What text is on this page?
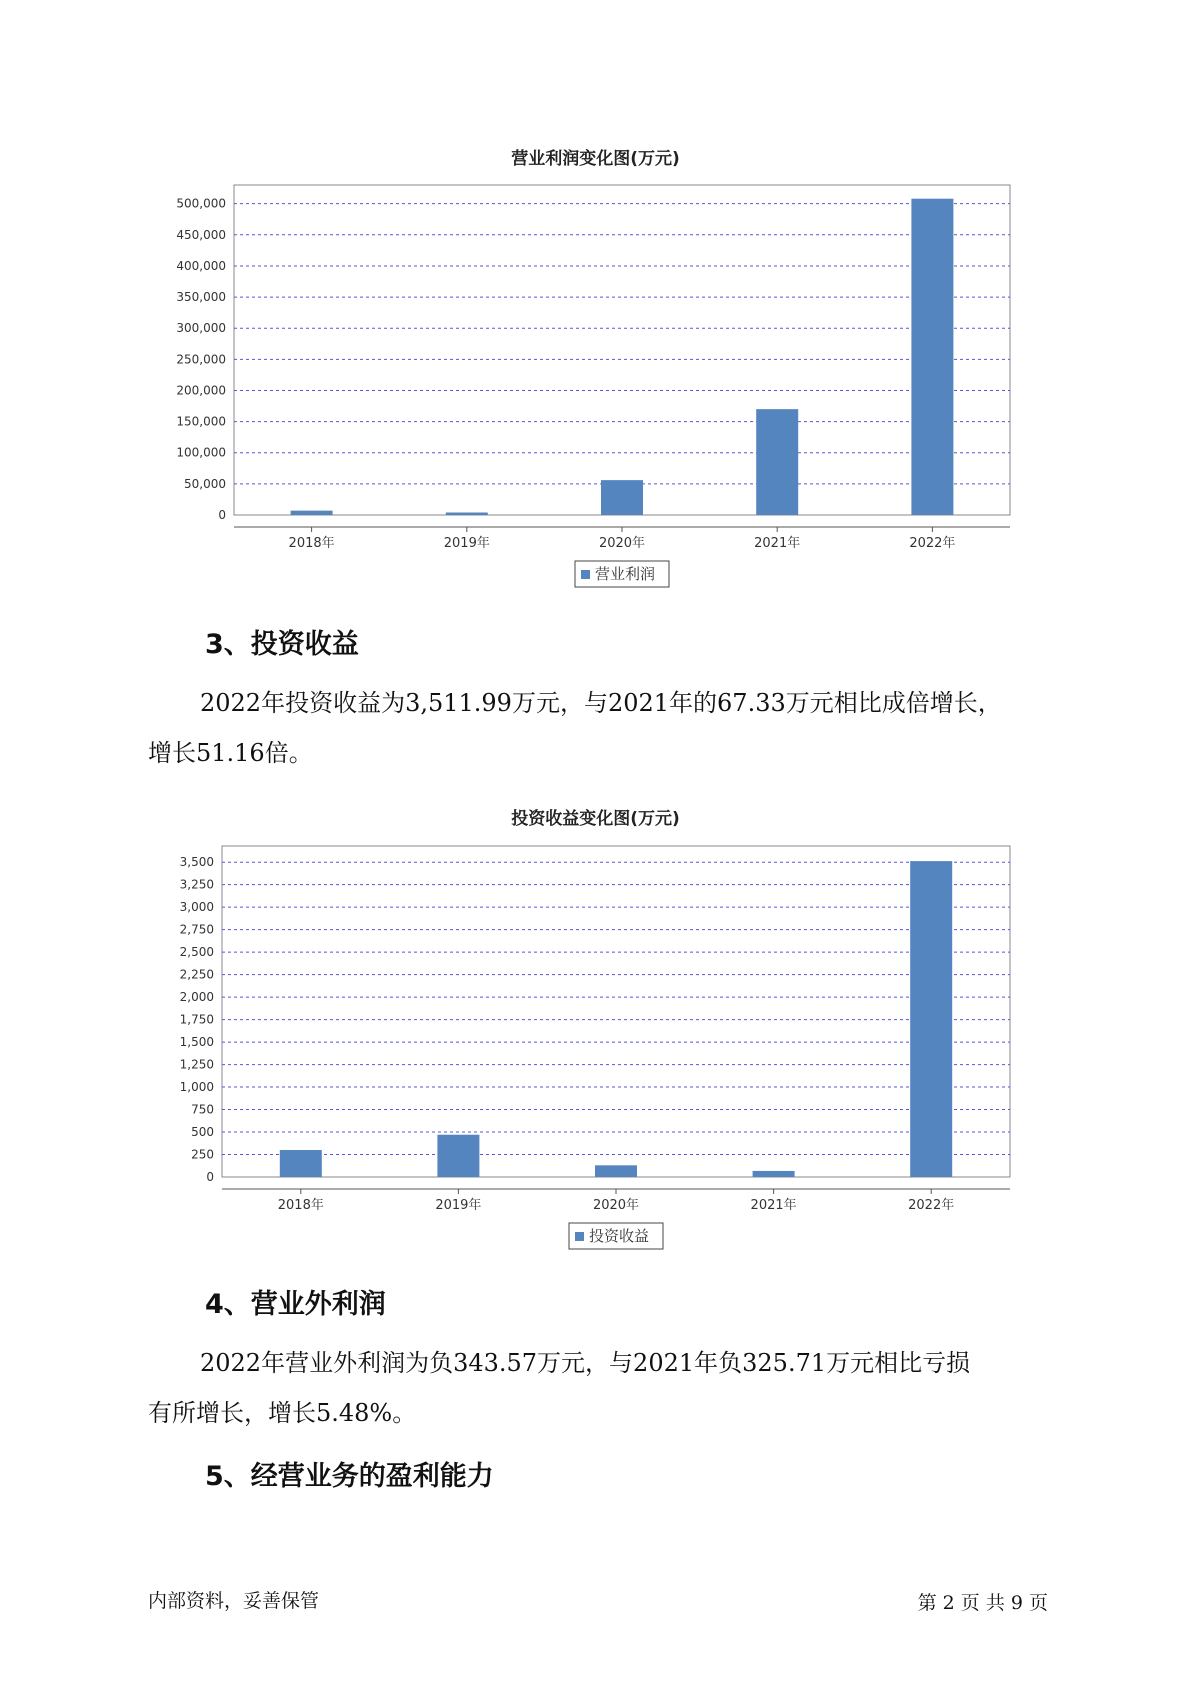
营业利润变化图(万元)
0
50,000
100,000
150,000
200,000
250,000
300,000
350,000
400,000
450,000
500,000
2018年	2019年	2020年	2021年	2022年
营业利润
3、投资收益

2022年投资收益为3,511.99万元，与2021年的67.33万元相比成倍增长，
增长51.16倍。

投资收益变化图(万元)
0
250
500
750
1,000
1,250
1,500
1,750
2,000
2,250
2,500
2,750
3,000
3,250
3,500
2018年	2019年	2020年	2021年	2022年
投资收益
4、营业外利润

2022年营业外利润为负343.57万元，与2021年负325.71万元相比亏损
有所增长，增长5.48%。

5、经营业务的盈利能力
内部资料，妥善保管	第 2 页 共 9 页
